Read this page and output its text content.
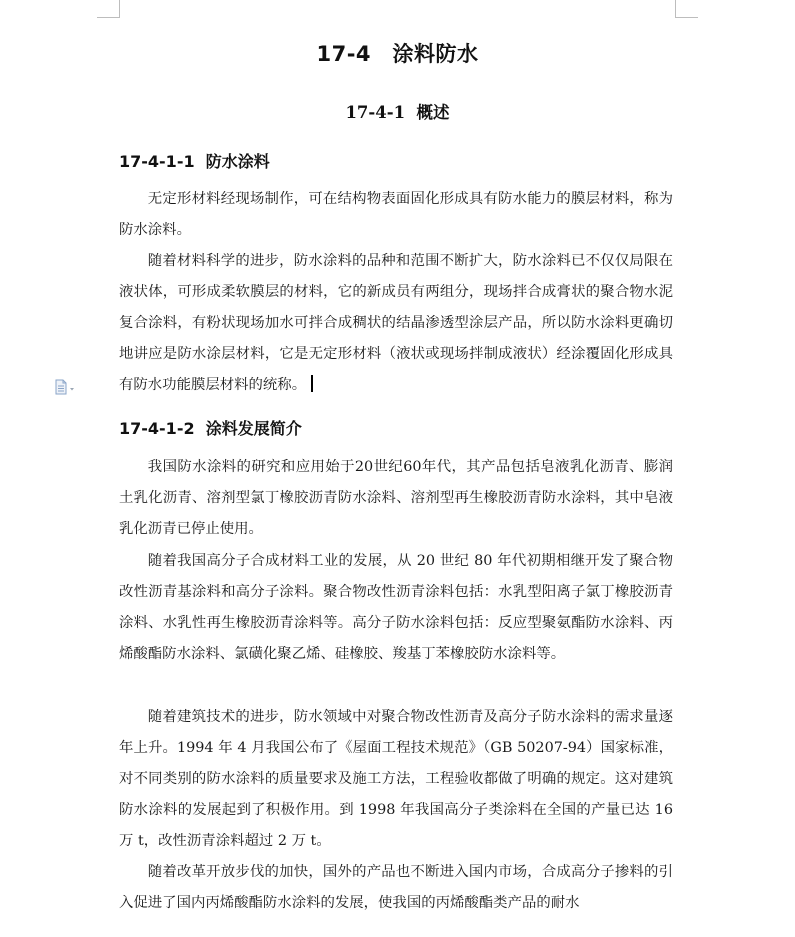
17-4　涂料防水
17-4-1  概述
17-4-1-1  防水涂料

无定形材料经现场制作，可在结构物表面固化形成具有防水能力的膜层材料，称为防水涂料。

随着材料科学的进步，防水涂料的品种和范围不断扩大，防水涂料已不仅仅局限在液状体，可形成柔软膜层的材料，它的新成员有两组分，现场拌合成膏状的聚合物水泥复合涂料，有粉状现场加水可拌合成稠状的结晶渗透型涂层产品，所以防水涂料更确切地讲应是防水涂层材料，它是无定形材料（液状或现场拌制成液状）经涂覆固化形成具有防水功能膜层材料的统称。

17-4-1-2  涂料发展简介

我国防水涂料的研究和应用始于20世纪60年代，其产品包括皂液乳化沥青、膨润土乳化沥青、溶剂型氯丁橡胶沥青防水涂料、溶剂型再生橡胶沥青防水涂料，其中皂液乳化沥青已停止使用。

随着我国高分子合成材料工业的发展，从 20 世纪 80 年代初期相继开发了聚合物改性沥青基涂料和高分子涂料。聚合物改性沥青涂料包括：水乳型阳离子氯丁橡胶沥青涂料、水乳性再生橡胶沥青涂料等。高分子防水涂料包括：反应型聚氨酯防水涂料、丙烯酸酯防水涂料、氯磺化聚乙烯、硅橡胶、羧基丁苯橡胶防水涂料等。

随着建筑技术的进步，防水领域中对聚合物改性沥青及高分子防水涂料的需求量逐年上升。1994 年 4 月我国公布了《屋面工程技术规范》（GB 50207-94）国家标准，对不同类别的防水涂料的质量要求及施工方法，工程验收都做了明确的规定。这对建筑防水涂料的发展起到了积极作用。到 1998 年我国高分子类涂料在全国的产量已达 16 万 t，改性沥青涂料超过 2 万 t。

随着改革开放步伐的加快，国外的产品也不断进入国内市场，合成高分子掺料的引入促进了国内丙烯酸酯防水涂料的发展，使我国的丙烯酸酯类产品的耐水
